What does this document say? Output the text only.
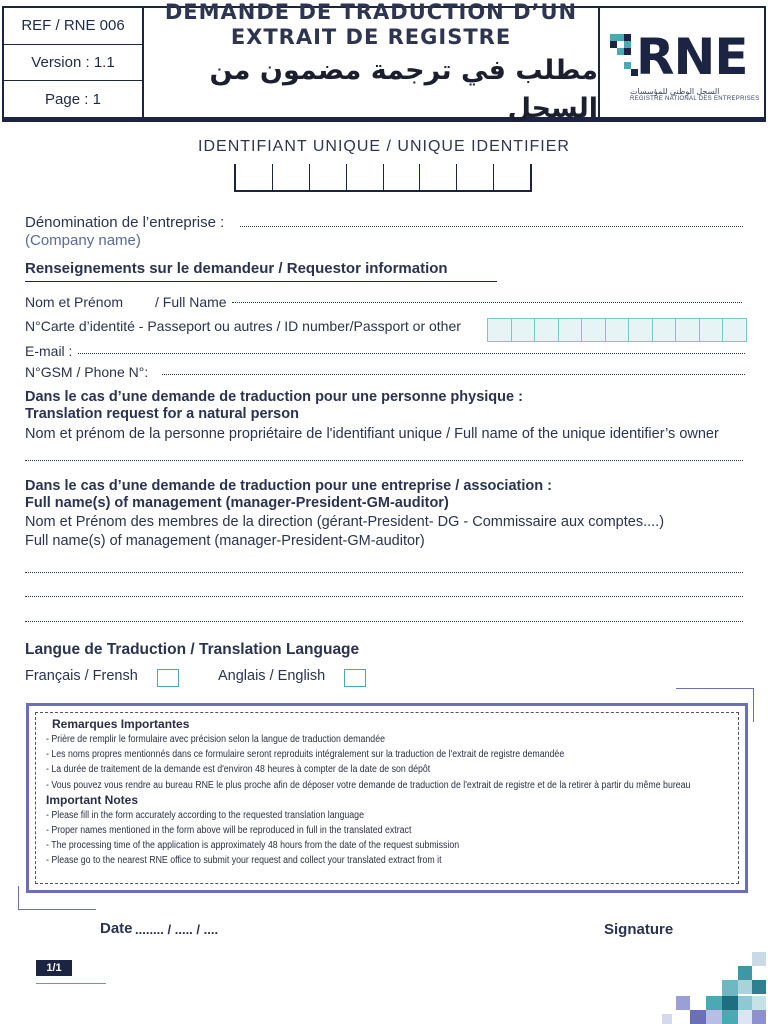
REF / RNE 006
Version : 1.1
Page : 1
DEMANDE DE TRADUCTION D’UN
EXTRAIT DE REGISTRE
مطلب في ترجمة مضمون من السجل
RNE
السجل الوطني للمؤسسات
REGISTRE NATIONAL DES ENTREPRISES
IDENTIFIANT UNIQUE / UNIQUE IDENTIFIER
Dénomination de l’entreprise :
(Company name)
Renseignements sur le demandeur / Requestor information
Nom et Prénom / Full Name
N°Carte d’identité - Passeport ou autres / ID number/Passport or other
E-mail :
N°GSM / Phone N°:
Dans le cas d’une demande de traduction pour une personne physique :
Translation request for a natural person
Nom et prénom de la personne propriétaire de l'identifiant unique / Full name of the unique identifier’s owner
Dans le cas d’une demande de traduction pour une entreprise / association :
Full name(s) of management (manager-President-GM-auditor)
Nom et Prénom des membres de la direction (gérant-President- DG - Commissaire aux comptes....)
Full name(s) of management (manager-President-GM-auditor)
Langue de Traduction / Translation Language
Français / Frensh	Anglais / English
Remarques Importantes
- Prière de remplir le formulaire avec précision selon la langue de traduction demandée
- Les noms propres mentionnés dans ce formulaire seront reproduits intégralement sur la traduction de l'extrait de registre demandée
- La durée de traitement de la demande est d'environ 48 heures à compter de la date de son dépôt
- Vous pouvez vous rendre au bureau RNE le plus proche afin de déposer votre demande de traduction de l'extrait de registre et de la retirer à partir du même bureau
Important Notes
- Please fill in the form accurately according to the requested translation language
- Proper names mentioned in the form above will be reproduced in full in the translated extract
- The processing time of the application is approximately 48 hours from the date of the request submission
- Please go to the nearest RNE office to submit your request and collect your translated extract from it
Date ........ / ..... / ....	Signature
1/1
